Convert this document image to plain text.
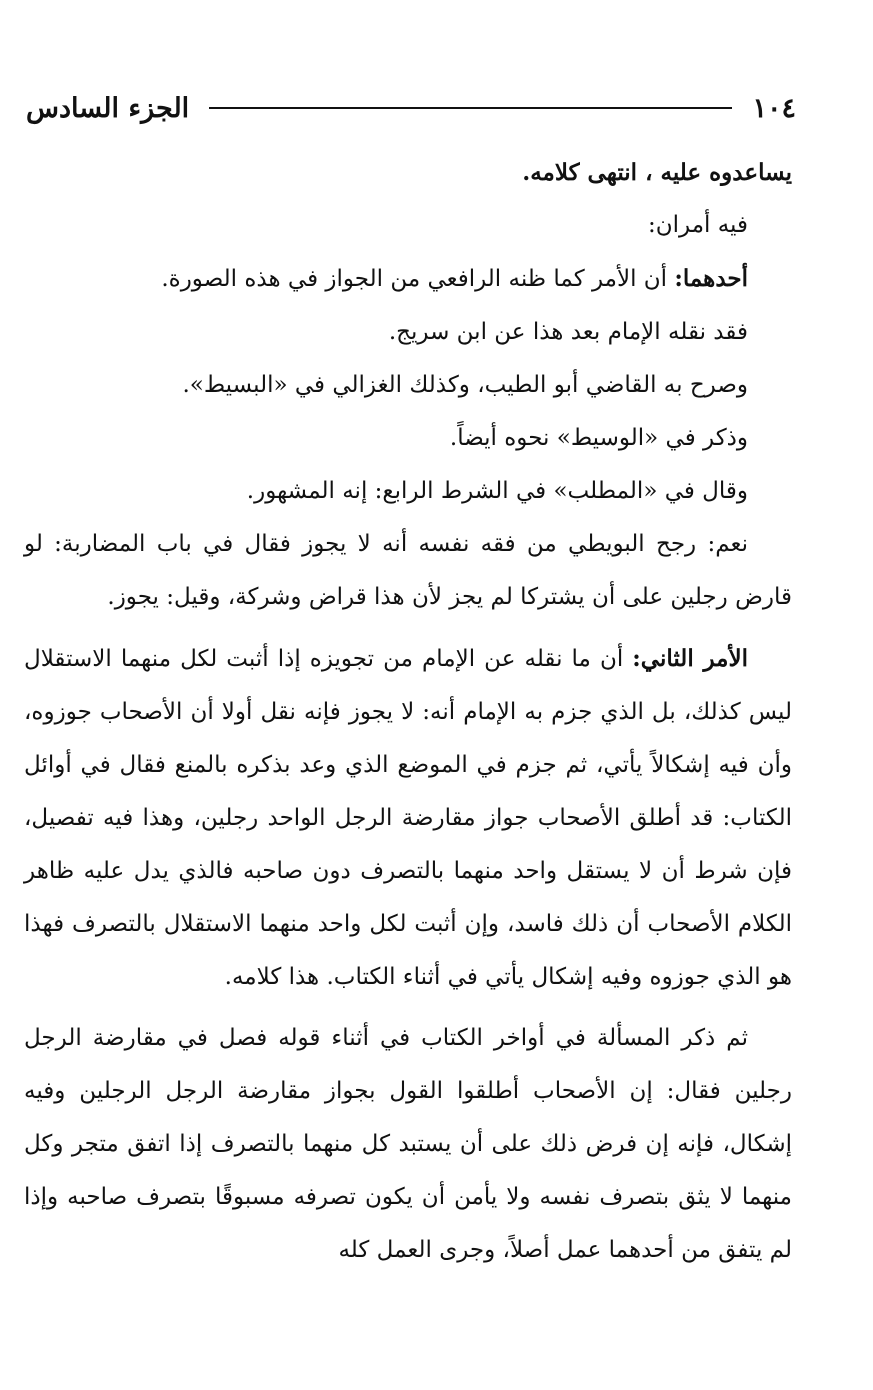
١٠٤
الجزء السادس

يساعدوه عليه ، انتهى كلامه.

فيه أمران:

أحدهما: أن الأمر كما ظنه الرافعي من الجواز في هذه الصورة.

فقد نقله الإمام بعد هذا عن ابن سريج.

وصرح به القاضي أبو الطيب، وكذلك الغزالي في «البسيط».

وذكر في «الوسيط» نحوه أيضاً.

وقال في «المطلب» في الشرط الرابع: إنه المشهور.

نعم: رجح البويطي من فقه نفسه أنه لا يجوز فقال في باب المضاربة: لو قارض رجلين على أن يشتركا لم يجز لأن هذا قراض وشركة، وقيل: يجوز.

الأمر الثاني: أن ما نقله عن الإمام من تجويزه إذا أثبت لكل منهما الاستقلال ليس كذلك، بل الذي جزم به الإمام أنه: لا يجوز فإنه نقل أولا أن الأصحاب جوزوه، وأن فيه إشكالاً يأتي، ثم جزم في الموضع الذي وعد بذكره بالمنع فقال في أوائل الكتاب: قد أطلق الأصحاب جواز مقارضة الرجل الواحد رجلين، وهذا فيه تفصيل، فإن شرط أن لا يستقل واحد منهما بالتصرف دون صاحبه فالذي يدل عليه ظاهر الكلام الأصحاب أن ذلك فاسد، وإن أثبت لكل واحد منهما الاستقلال بالتصرف فهذا هو الذي جوزوه وفيه إشكال يأتي في أثناء الكتاب. هذا كلامه.

ثم ذكر المسألة في أواخر الكتاب في أثناء قوله فصل في مقارضة الرجل رجلين فقال: إن الأصحاب أطلقوا القول بجواز مقارضة الرجل الرجلين وفيه إشكال، فإنه إن فرض ذلك على أن يستبد كل منهما بالتصرف إذا اتفق متجر وكل منهما لا يثق بتصرف نفسه ولا يأمن أن يكون تصرفه مسبوقًا بتصرف صاحبه وإذا لم يتفق من أحدهما عمل أصلاً، وجرى العمل كله
